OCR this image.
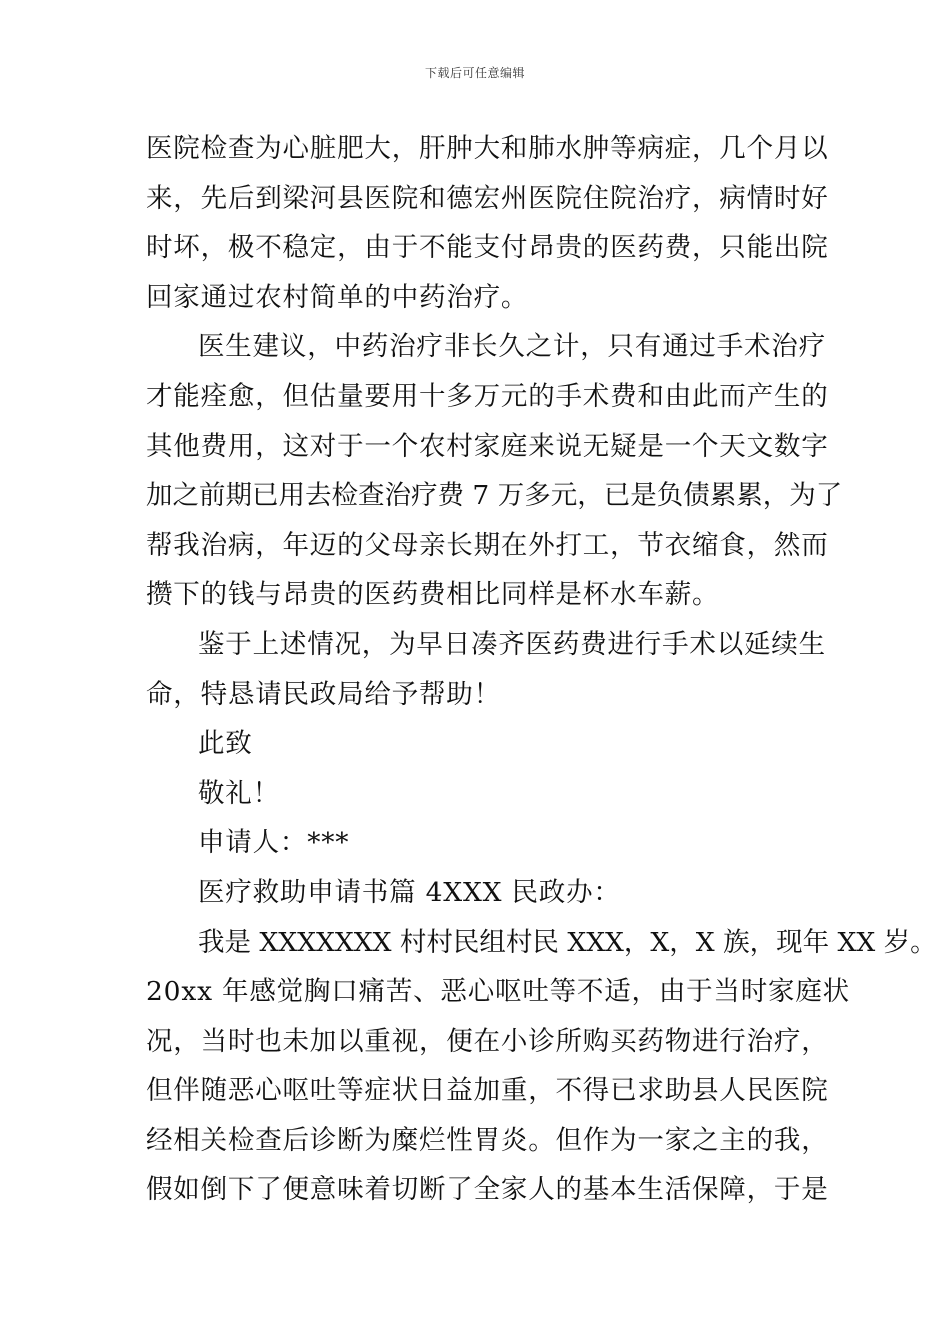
下载后可任意编辑
医院检查为心脏肥大，肝肿大和肺水肿等病症，几个月以
来，先后到梁河县医院和德宏州医院住院治疗，病情时好
时坏，极不稳定，由于不能支付昂贵的医药费，只能出院
回家通过农村简单的中药治疗。
医生建议，中药治疗非长久之计，只有通过手术治疗
才能痊愈，但估量要用十多万元的手术费和由此而产生的
其他费用，这对于一个农村家庭来说无疑是一个天文数字
加之前期已用去检查治疗费 7 万多元，已是负债累累，为了
帮我治病，年迈的父母亲长期在外打工，节衣缩食，然而
攒下的钱与昂贵的医药费相比同样是杯水车薪。
鉴于上述情况，为早日凑齐医药费进行手术以延续生
命，特恳请民政局给予帮助！
此致
敬礼！
申请人：***
医疗救助申请书篇 4XXX 民政办：
我是 XXXXXXX 村村民组村民 XXX，X，X 族，现年 XX 岁。
20xx 年感觉胸口痛苦、恶心呕吐等不适，由于当时家庭状
况，当时也未加以重视，便在小诊所购买药物进行治疗，
但伴随恶心呕吐等症状日益加重，不得已求助县人民医院
经相关检查后诊断为糜烂性胃炎。但作为一家之主的我，
假如倒下了便意味着切断了全家人的基本生活保障，于是
